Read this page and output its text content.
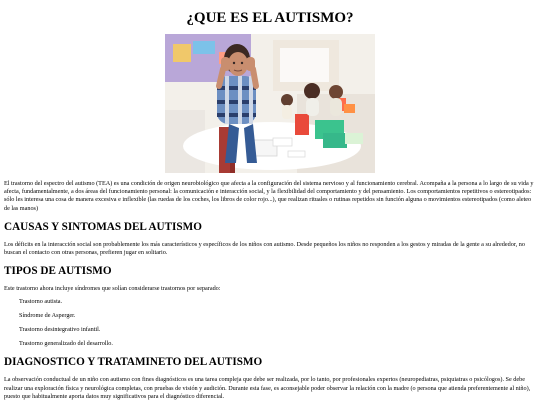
¿QUE ES EL AUTISMO?

El trastorno del espectro del autismo (TEA) es una condición de origen neurobiológico que afecta a la configuración del sistema nervioso y al funcionamiento cerebral. Acompaña a la persona a lo largo de su vida y afecta, fundamentalmente, a dos áreas del funcionamiento personal: la comunicación e interacción social, y la flexibilidad del comportamiento y del pensamiento. Los comportamientos repetitivos o estereotipados: sólo les interesa una cosa de manera excesiva e inflexible (las ruedas de los coches, los libros de color rojo...), que realizan rituales o rutinas repetidos sin función alguna o movimientos estereotipados (como aleteo de las manos)

CAUSAS Y SINTOMAS DEL AUTISMO

Los déficits en la interacción social son probablemente los más característicos y específicos de los niños con autismo. Desde pequeños los niños no responden a los gestos y miradas de la gente a su alrededor, no buscan el contacto con otras personas, prefieren jugar en solitario.

TIPOS DE AUTISMO

Este trastorno ahora incluye síndromes que solían considerarse trastornos por separado:

Trastorno autista.
Síndrome de Asperger.
Trastorno desintegrativo infantil.
Trastorno generalizado del desarrollo.
DIAGNOSTICO Y TRATAMINETO DEL AUTISMO

La observación conductual de un niño con autismo con fines diagnósticos es una tarea compleja que debe ser realizada, por lo tanto, por profesionales expertos (neuropediatras, psiquiatras o psicólogos). Se debe realizar una exploración física y neurológica completas, con pruebas de visión y audición. Durante esta fase, es aconsejable poder observar la relación con la madre (o persona que atienda preferentemente al niño), puesto que habitualmente aporta datos muy significativos para el diagnóstico diferencial.
